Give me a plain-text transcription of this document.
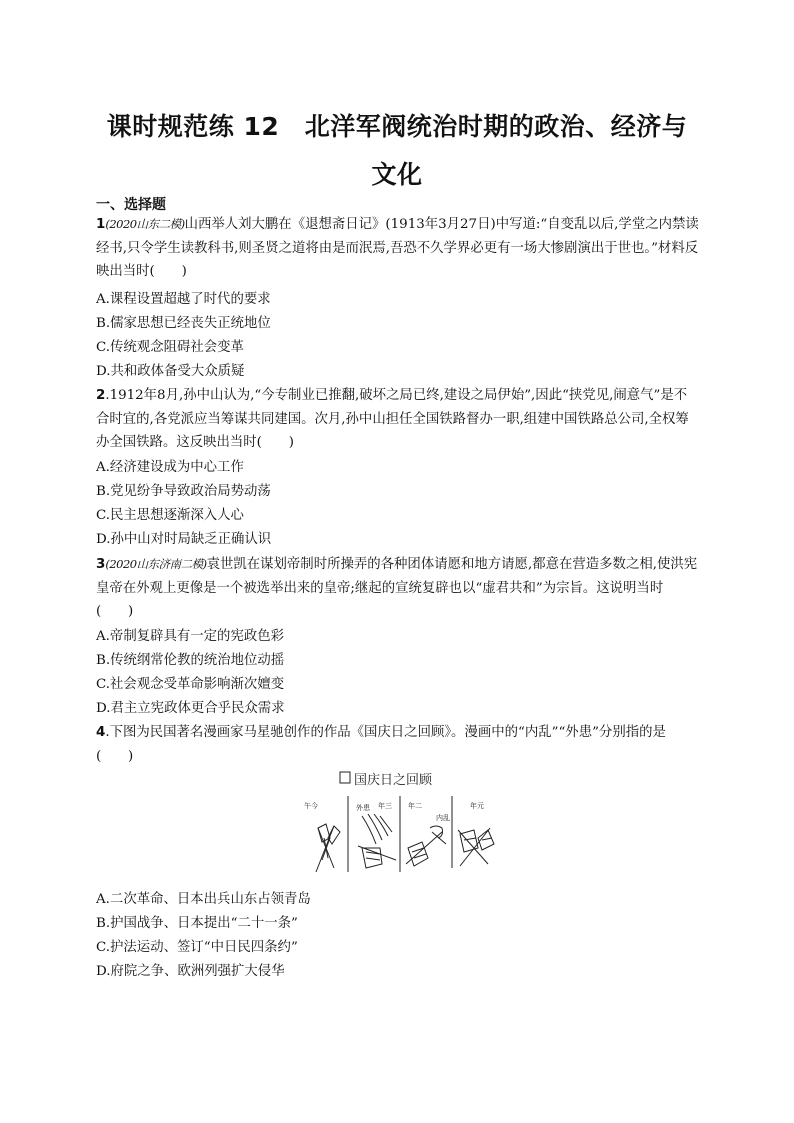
课时规范练 12　北洋军阀统治时期的政治、经济与
文化
一、选择题
1(2020山东二模)山西举人刘大鹏在《退想斋日记》(1913年3月27日)中写道:“自变乱以后,学堂之内禁读经书,只令学生读教科书,则圣贤之道将由是而泯焉,吾恐不久学界必更有一场大惨剧演出于世也。”材料反映出当时(　　)
A.课程设置超越了时代的要求
B.儒家思想已经丧失正统地位
C.传统观念阻碍社会变革
D.共和政体备受大众质疑
2.1912年8月,孙中山认为,“今专制业已推翻,破坏之局已终,建设之局伊始”,因此“挟党见,闹意气”是不合时宜的,各党派应当筹谋共同建国。次月,孙中山担任全国铁路督办一职,组建中国铁路总公司,全权筹办全国铁路。这反映出当时(　　)
A.经济建设成为中心工作
B.党见纷争导致政治局势动荡
C.民主思想逐渐深入人心
D.孙中山对时局缺乏正确认识
3(2020山东济南二模)袁世凯在谋划帝制时所操弄的各种团体请愿和地方请愿,都意在营造多数之相,使洪宪皇帝在外观上更像是一个被选举出来的皇帝;继起的宣统复辟也以“虚君共和”为宗旨。这说明当时(　　)
A.帝制复辟具有一定的宪政色彩
B.传统纲常伦教的统治地位动摇
C.社会观念受革命影响渐次嬗变
D.君主立宪政体更合乎民众需求
4.下图为民国著名漫画家马星驰创作的作品《国庆日之回顾》。漫画中的“内乱”“外患”分别指的是(　　)
国庆日之回顾
午今	外患 年三 年二
内乱
年元
A.二次革命、日本出兵山东占领青岛
B.护国战争、日本提出“二十一条”
C.护法运动、签订“中日民四条约”
D.府院之争、欧洲列强扩大侵华
